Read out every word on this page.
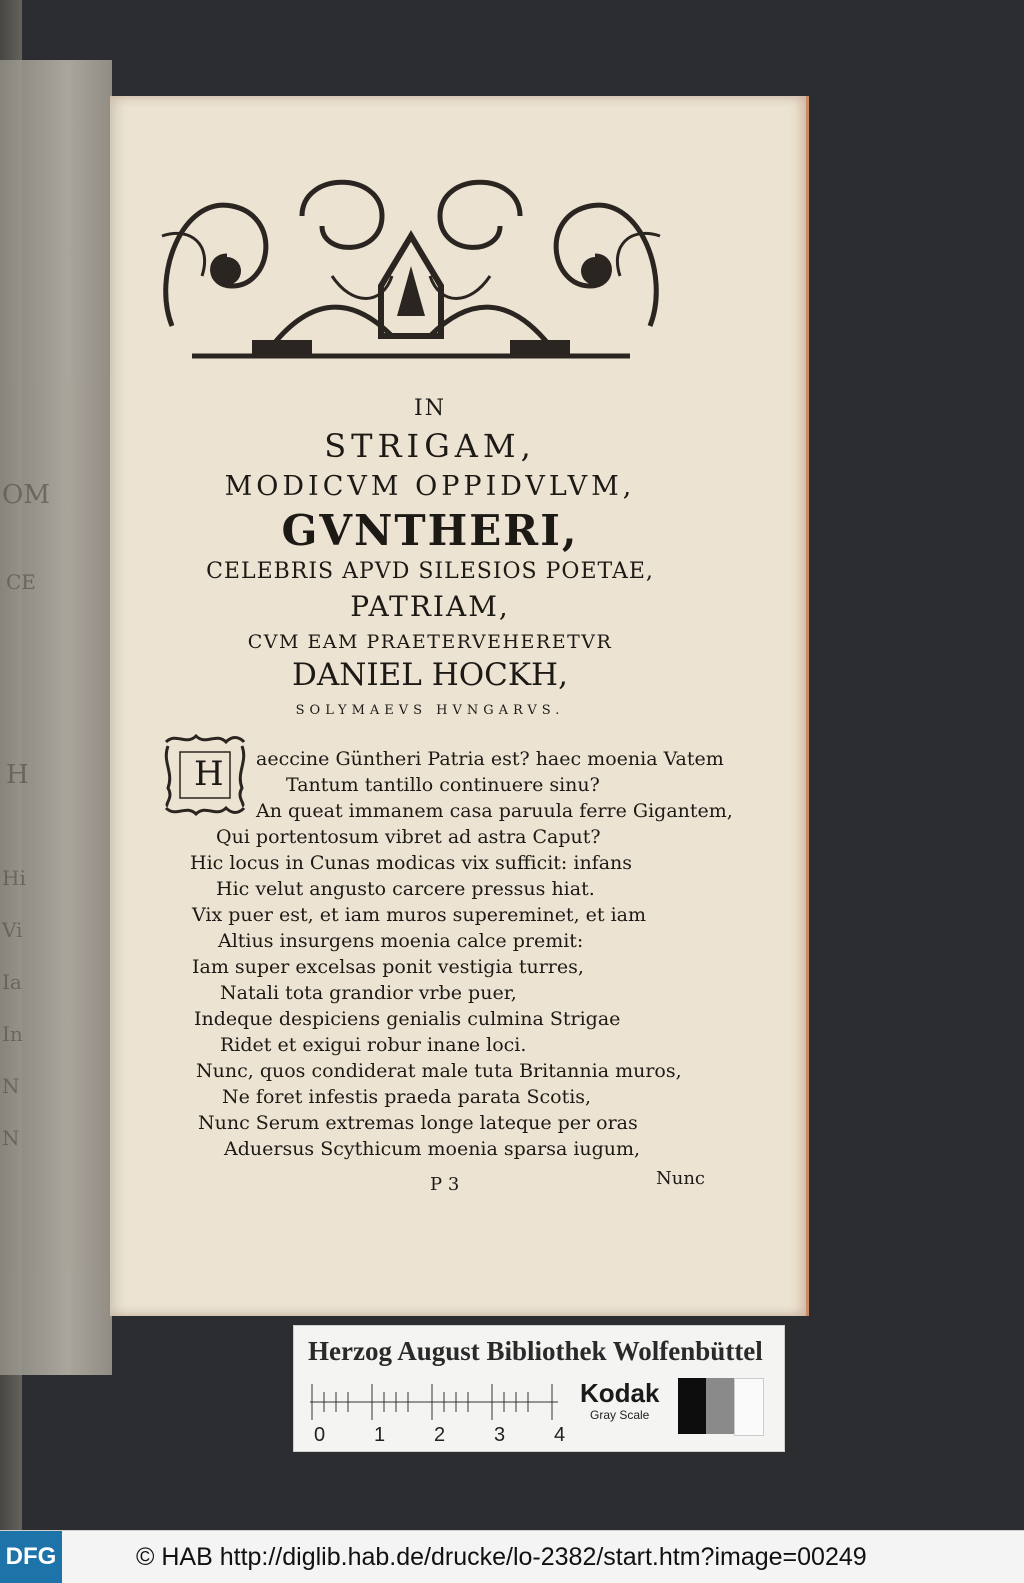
OM
CE
H
Hi
Vi
Ia
In
N
N
IN
STRIGAM,
MODICVM OPPIDVLVM,
GVNTHERI,
CELEBRIS APVD SILESIOS POETAE,
PATRIAM,
CVM EAM PRAETERVEHERETVR
DANIEL HOCKH,
SOLYMAEVS HVNGARVS.
H aeccine Güntheri Patria est? haec moenia Vatem
Tantum tantillo continuere sinu?
An queat immanem casa paruula ferre Gigantem,
Qui portentosum vibret ad astra Caput?
Hic locus in Cunas modicas vix sufficit: infans
Hic velut angusto carcere pressus hiat.
Vix puer est, et iam muros supereminet, et iam
Altius insurgens moenia calce premit:
Iam super excelsas ponit vestigia turres,
Natali tota grandior vrbe puer,
Indeque despiciens genialis culmina Strigae
Ridet et exigui robur inane loci.
Nunc, quos condiderat male tuta Britannia muros,
Ne foret infestis praeda parata Scotis,
Nunc Serum extremas longe lateque per oras
Aduersus Scythicum moenia sparsa iugum,
P 3	Nunc
Herzog August Bibliothek Wolfenbüttel
0 1 2 3 4
Kodak
Gray Scale
DFG	© HAB http://diglib.hab.de/drucke/lo-2382/start.htm?image=00249
